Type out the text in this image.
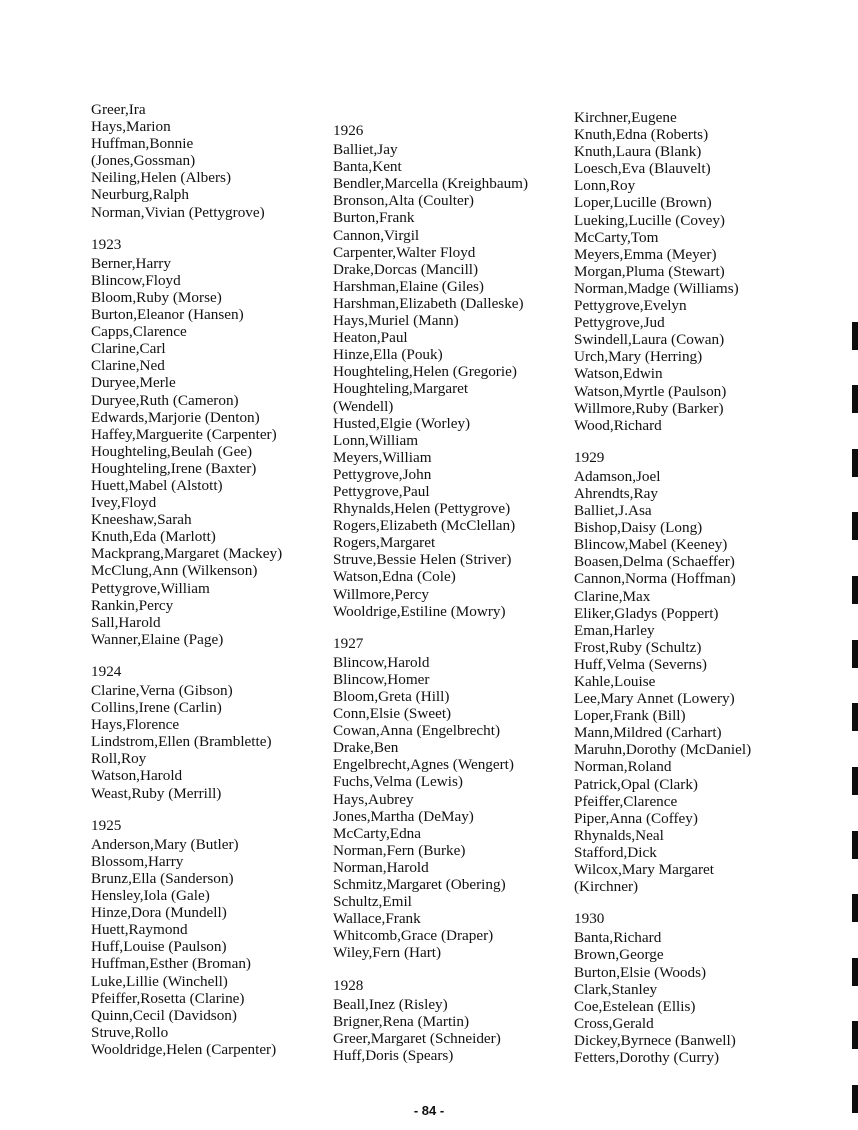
Greer,Ira
Hays,Marion
Huffman,Bonnie
(Jones,Gossman)
Neiling,Helen (Albers)
Neurburg,Ralph
Norman,Vivian (Pettygrove)
1923
Berner,Harry
Blincow,Floyd
Bloom,Ruby (Morse)
Burton,Eleanor (Hansen)
Capps,Clarence
Clarine,Carl
Clarine,Ned
Duryee,Merle
Duryee,Ruth (Cameron)
Edwards,Marjorie (Denton)
Haffey,Marguerite (Carpenter)
Houghteling,Beulah (Gee)
Houghteling,Irene (Baxter)
Huett,Mabel (Alstott)
Ivey,Floyd
Kneeshaw,Sarah
Knuth,Eda (Marlott)
Mackprang,Margaret (Mackey)
McClung,Ann (Wilkenson)
Pettygrove,William
Rankin,Percy
Sall,Harold
Wanner,Elaine (Page)
1924
Clarine,Verna (Gibson)
Collins,Irene (Carlin)
Hays,Florence
Lindstrom,Ellen (Bramblette)
Roll,Roy
Watson,Harold
Weast,Ruby (Merrill)
1925
Anderson,Mary (Butler)
Blossom,Harry
Brunz,Ella (Sanderson)
Hensley,Iola (Gale)
Hinze,Dora (Mundell)
Huett,Raymond
Huff,Louise (Paulson)
Huffman,Esther (Broman)
Luke,Lillie (Winchell)
Pfeiffer,Rosetta (Clarine)
Quinn,Cecil (Davidson)
Struve,Rollo
Wooldridge,Helen (Carpenter)
1926
Balliet,Jay
Banta,Kent
Bendler,Marcella (Kreighbaum)
Bronson,Alta (Coulter)
Burton,Frank
Cannon,Virgil
Carpenter,Walter Floyd
Drake,Dorcas (Mancill)
Harshman,Elaine (Giles)
Harshman,Elizabeth (Dalleske)
Hays,Muriel (Mann)
Heaton,Paul
Hinze,Ella (Pouk)
Houghteling,Helen (Gregorie)
Houghteling,Margaret
(Wendell)
Husted,Elgie (Worley)
Lonn,William
Meyers,William
Pettygrove,John
Pettygrove,Paul
Rhynalds,Helen (Pettygrove)
Rogers,Elizabeth (McClellan)
Rogers,Margaret
Struve,Bessie Helen (Striver)
Watson,Edna (Cole)
Willmore,Percy
Wooldrige,Estiline (Mowry)
1927
Blincow,Harold
Blincow,Homer
Bloom,Greta (Hill)
Conn,Elsie (Sweet)
Cowan,Anna (Engelbrecht)
Drake,Ben
Engelbrecht,Agnes (Wengert)
Fuchs,Velma (Lewis)
Hays,Aubrey
Jones,Martha (DeMay)
McCarty,Edna
Norman,Fern (Burke)
Norman,Harold
Schmitz,Margaret (Obering)
Schultz,Emil
Wallace,Frank
Whitcomb,Grace (Draper)
Wiley,Fern (Hart)
1928
Beall,Inez (Risley)
Brigner,Rena (Martin)
Greer,Margaret (Schneider)
Huff,Doris (Spears)
Kirchner,Eugene
Knuth,Edna (Roberts)
Knuth,Laura (Blank)
Loesch,Eva (Blauvelt)
Lonn,Roy
Loper,Lucille (Brown)
Lueking,Lucille (Covey)
McCarty,Tom
Meyers,Emma (Meyer)
Morgan,Pluma (Stewart)
Norman,Madge (Williams)
Pettygrove,Evelyn
Pettygrove,Jud
Swindell,Laura (Cowan)
Urch,Mary (Herring)
Watson,Edwin
Watson,Myrtle (Paulson)
Willmore,Ruby (Barker)
Wood,Richard
1929
Adamson,Joel
Ahrendts,Ray
Balliet,J.Asa
Bishop,Daisy (Long)
Blincow,Mabel (Keeney)
Boasen,Delma (Schaeffer)
Cannon,Norma (Hoffman)
Clarine,Max
Eliker,Gladys (Poppert)
Eman,Harley
Frost,Ruby (Schultz)
Huff,Velma (Severns)
Kahle,Louise
Lee,Mary Annet (Lowery)
Loper,Frank (Bill)
Mann,Mildred (Carhart)
Maruhn,Dorothy (McDaniel)
Norman,Roland
Patrick,Opal (Clark)
Pfeiffer,Clarence
Piper,Anna (Coffey)
Rhynalds,Neal
Stafford,Dick
Wilcox,Mary Margaret
(Kirchner)
1930
Banta,Richard
Brown,George
Burton,Elsie (Woods)
Clark,Stanley
Coe,Estelean (Ellis)
Cross,Gerald
Dickey,Byrnece (Banwell)
Fetters,Dorothy (Curry)
- 84 -
